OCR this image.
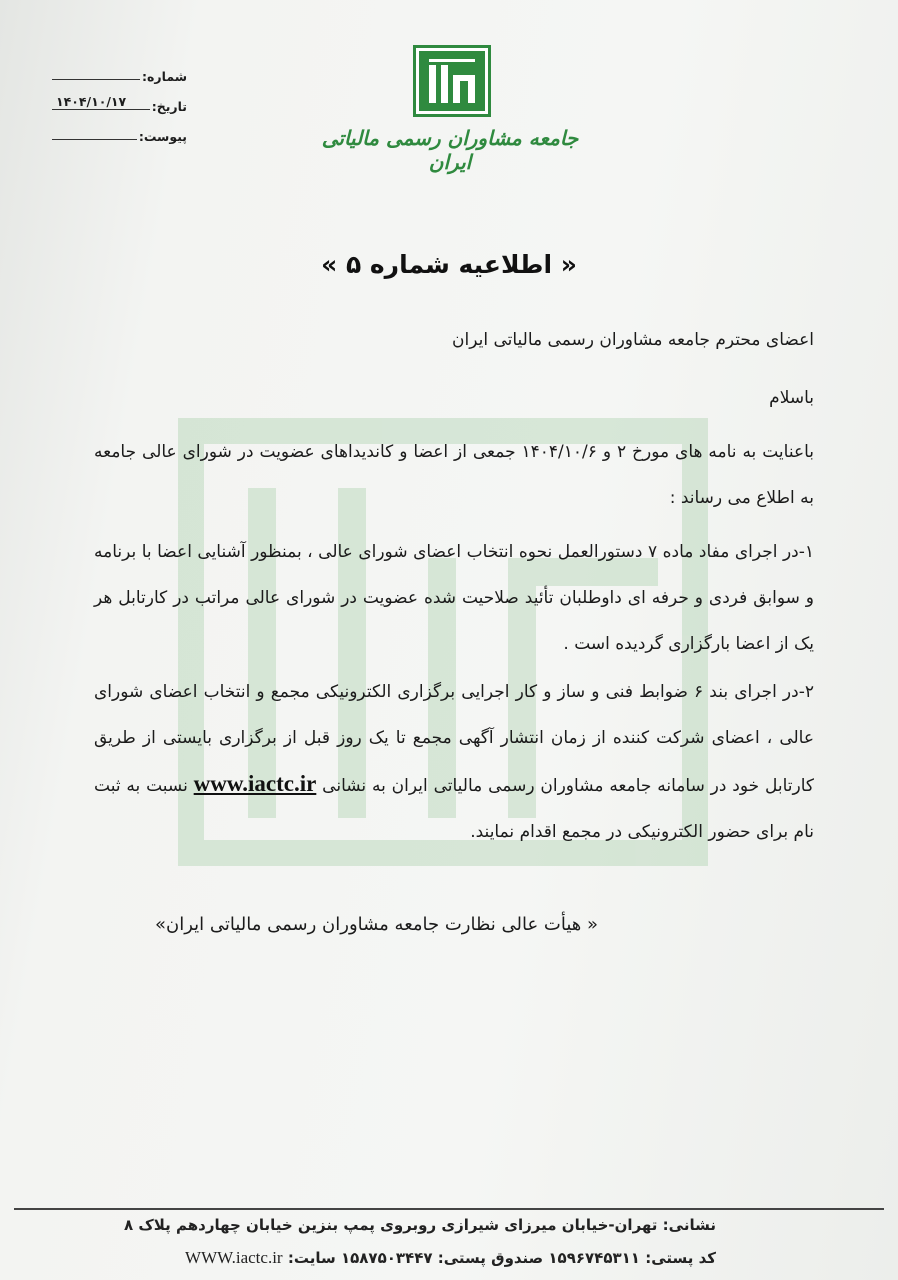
شماره:
تاریخ:
۱۴۰۴/۱۰/۱۷
پیوست:	جامعه مشاوران رسمی مالیاتی ایران
« اطلاعیه شماره ۵ »
اعضای محترم جامعه مشاوران رسمی مالیاتی ایران
باسلام
باعنایت به نامه های مورخ ۲ و ۱۴۰۴/۱۰/۶ جمعی از اعضا و کاندیداهای عضویت در شورای عالی جامعه به اطلاع می رساند :
۱-در اجرای مفاد ماده ۷ دستورالعمل نحوه انتخاب اعضای شورای عالی ، بمنظور آشنایی اعضا با برنامه و سوابق فردی و حرفه ای داوطلبان تأئید صلاحیت شده عضویت در شورای عالی مراتب در کارتابل هر یک از اعضا بارگزاری گردیده است .
۲-در اجرای بند ۶ ضوابط فنی و ساز و کار اجرایی برگزاری الکترونیکی مجمع و انتخاب اعضای شورای عالی ، اعضای شرکت کننده از زمان انتشار آگهی مجمع تا یک روز قبل از برگزاری بایستی از طریق کارتابل خود در سامانه جامعه مشاوران رسمی مالیاتی ایران به نشانی www.iactc.ir نسبت به ثبت نام برای حضور الکترونیکی در مجمع اقدام نمایند.
« هیأت عالی نظارت جامعه مشاوران رسمی مالیاتی ایران»
نشانی: تهران-خیابان میرزای شیرازی روبروی پمپ بنزین خیابان چهاردهم پلاک ۸
کد پستی: ۱۵۹۶۷۴۵۳۱۱ صندوق پستی: ۱۵۸۷۵۰۳۴۴۷ سایت: WWW.iactc.ir
